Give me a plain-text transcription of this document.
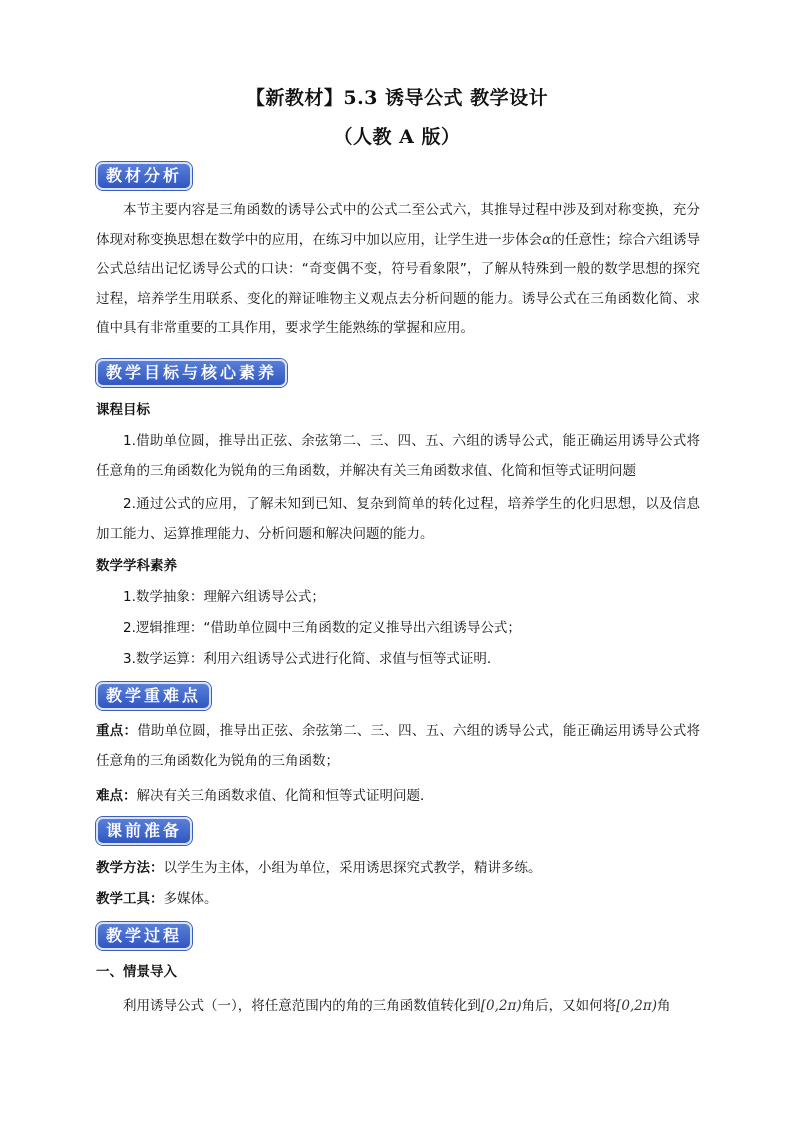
【新教材】5.3 诱导公式 教学设计
（人教 A 版）
教材分析
本节主要内容是三角函数的诱导公式中的公式二至公式六，其推导过程中涉及到对称变换，充分体现对称变换思想在数学中的应用，在练习中加以应用，让学生进一步体会α的任意性；综合六组诱导公式总结出记忆诱导公式的口诀：“奇变偶不变，符号看象限”，了解从特殊到一般的数学思想的探究过程，培养学生用联系、变化的辩证唯物主义观点去分析问题的能力。诱导公式在三角函数化简、求值中具有非常重要的工具作用，要求学生能熟练的掌握和应用。
教学目标与核心素养
课程目标
1.借助单位圆，推导出正弦、余弦第二、三、四、五、六组的诱导公式，能正确运用诱导公式将任意角的三角函数化为锐角的三角函数，并解决有关三角函数求值、化简和恒等式证明问题
2.通过公式的应用，了解未知到已知、复杂到简单的转化过程，培养学生的化归思想，以及信息加工能力、运算推理能力、分析问题和解决问题的能力。
数学学科素养
1.数学抽象：理解六组诱导公式；
2.逻辑推理：“借助单位圆中三角函数的定义推导出六组诱导公式；
3.数学运算：利用六组诱导公式进行化简、求值与恒等式证明.
教学重难点
重点：借助单位圆，推导出正弦、余弦第二、三、四、五、六组的诱导公式，能正确运用诱导公式将任意角的三角函数化为锐角的三角函数；
难点：解决有关三角函数求值、化简和恒等式证明问题．
课前准备
教学方法：以学生为主体，小组为单位，采用诱思探究式教学，精讲多练。
教学工具：多媒体。
教学过程
一、情景导入
利用诱导公式（一），将任意范围内的角的三角函数值转化到[0,2π)角后，又如何将[0,2π)角
